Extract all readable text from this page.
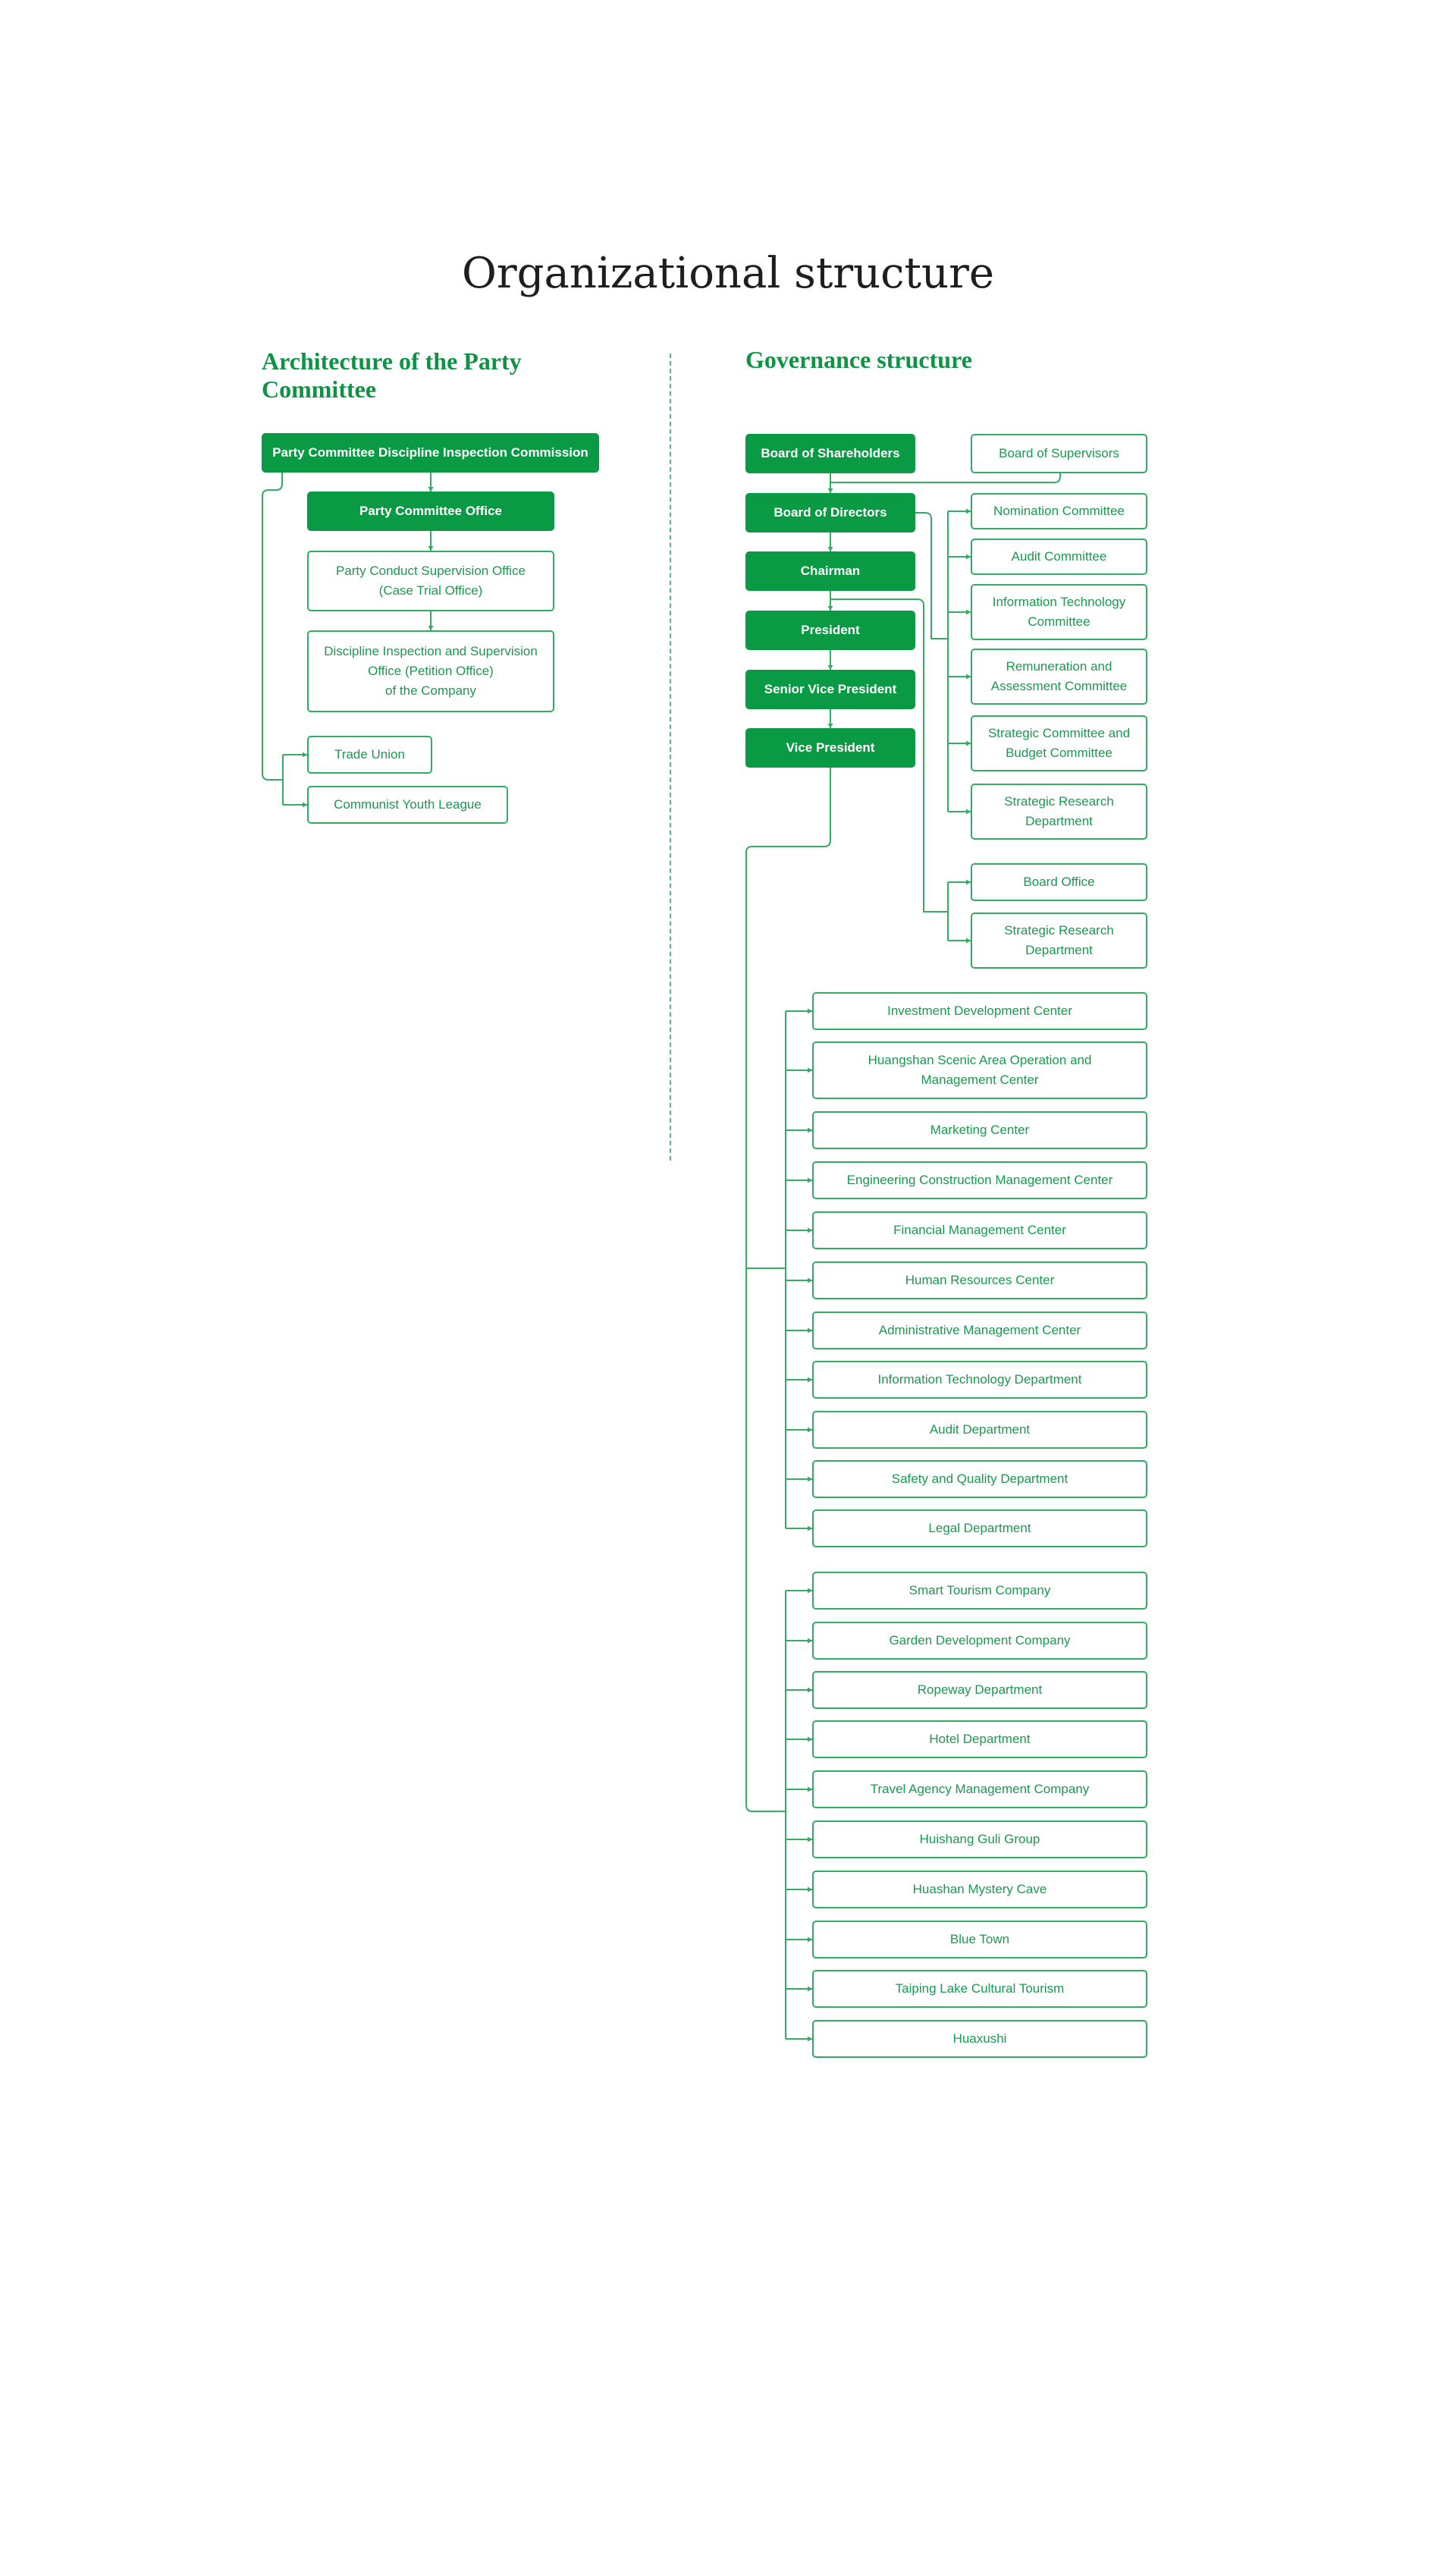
Organizational structure
Architecture of the Party Committee
Party Committee Discipline Inspection Commission
Party Committee Office
Party Conduct Supervision Office
(Case Trial Office)
Discipline Inspection and Supervision
Office (Petition Office)
of the Company
Trade Union
Communist Youth League
Governance structure
Board of Shareholders	Board of Supervisors
Board of Directors
Chairman
President
Senior Vice President
Vice President
Nomination Committee
Audit Committee
Information Technology
Committee
Remuneration and
Assessment Committee
Strategic Committee and
Budget Committee
Strategic Research
Department
Board Office
Strategic Research
Department
Investment Development Center
Huangshan Scenic Area Operation and
Management Center
Marketing Center
Engineering Construction Management Center
Financial Management Center
Human Resources Center
Administrative Management Center
Information Technology Department
Audit Department
Safety and Quality Department
Legal Department
Smart Tourism Company
Garden Development Company
Ropeway Department
Hotel Department
Travel Agency Management Company
Huishang Guli Group
Huashan Mystery Cave
Blue Town
Taiping Lake Cultural Tourism
Huaxushi
